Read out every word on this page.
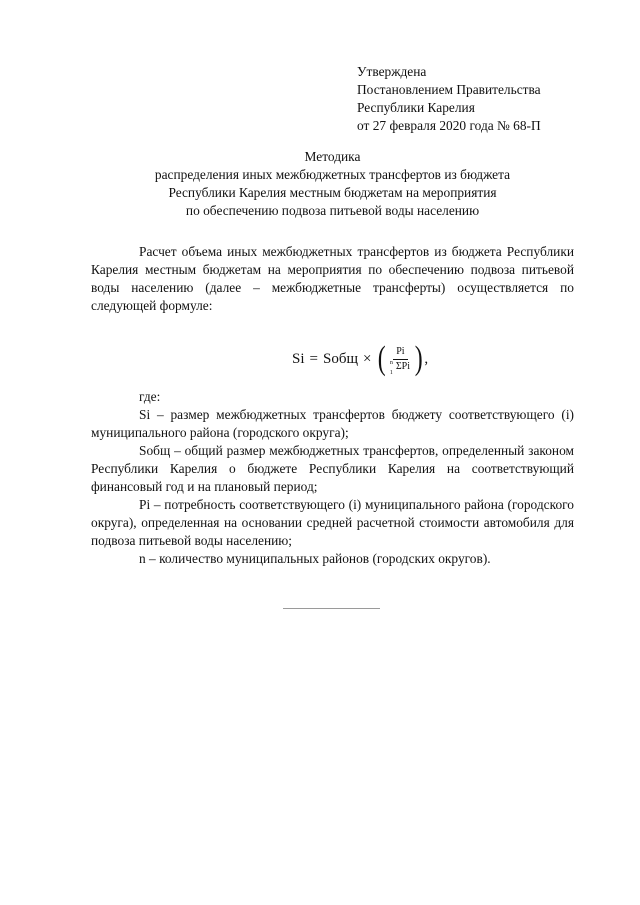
Утверждена
Постановлением Правительства
Республики Карелия
от 27 февраля 2020 года № 68-П
Методика
распределения иных межбюджетных трансфертов из бюджета
Республики Карелия местным бюджетам на мероприятия
по обеспечению подвоза питьевой воды населению

Расчет объема иных межбюджетных трансфертов из бюджета Республики Карелия местным бюджетам на мероприятия по обеспечению подвоза питьевой воды населению (далее – межбюджетные трансферты) осуществляется по следующей формуле:

Si = Sобщ × ( Pi
n
1
ΣPi ) ,

где:

Si – размер межбюджетных трансфертов бюджету соответствующего (i) муниципального района (городского округа);

Sобщ – общий размер межбюджетных трансфертов, определенный законом Республики Карелия о бюджете Республики Карелия на соответствующий финансовый год и на плановый период;

Pi – потребность соответствующего (i) муниципального района (городского округа), определенная на основании средней расчетной стоимости автомобиля для подвоза питьевой воды населению;

n – количество муниципальных районов (городских округов).
